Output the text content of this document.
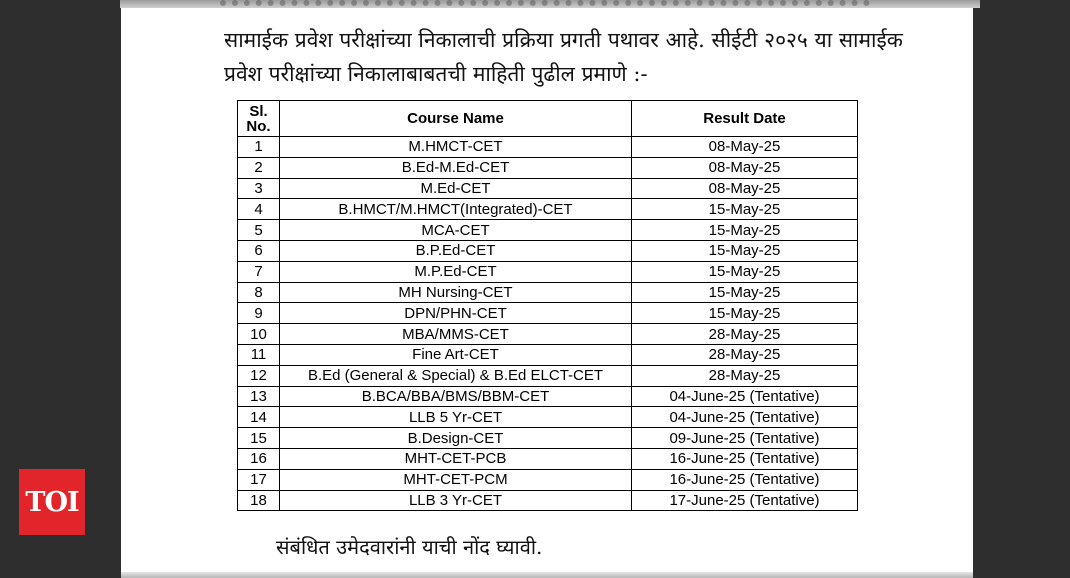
सामाईक प्रवेश परीक्षांच्या निकालाची प्रक्रिया प्रगती पथावर आहे. सीईटी २०२५ या सामाईक
प्रवेश परीक्षांच्या निकालाबाबतची माहिती पुढील प्रमाणे :-
Sl.
No.	Course Name	Result Date
1	M.HMCT-CET	08-May-25
2	B.Ed-M.Ed-CET	08-May-25
3	M.Ed-CET	08-May-25
4	B.HMCT/M.HMCT(Integrated)-CET	15-May-25
5	MCA-CET	15-May-25
6	B.P.Ed-CET	15-May-25
7	M.P.Ed-CET	15-May-25
8	MH Nursing-CET	15-May-25
9	DPN/PHN-CET	15-May-25
10	MBA/MMS-CET	28-May-25
11	Fine Art-CET	28-May-25
12	B.Ed (General & Special) & B.Ed ELCT-CET	28-May-25
13	B.BCA/BBA/BMS/BBM-CET	04-June-25 (Tentative)
14	LLB 5 Yr-CET	04-June-25 (Tentative)
15	B.Design-CET	09-June-25 (Tentative)
16	MHT-CET-PCB	16-June-25 (Tentative)
17	MHT-CET-PCM	16-June-25 (Tentative)
18	LLB 3 Yr-CET	17-June-25 (Tentative)
संबंधित उमेदवारांनी याची नोंद घ्यावी.
TOI
